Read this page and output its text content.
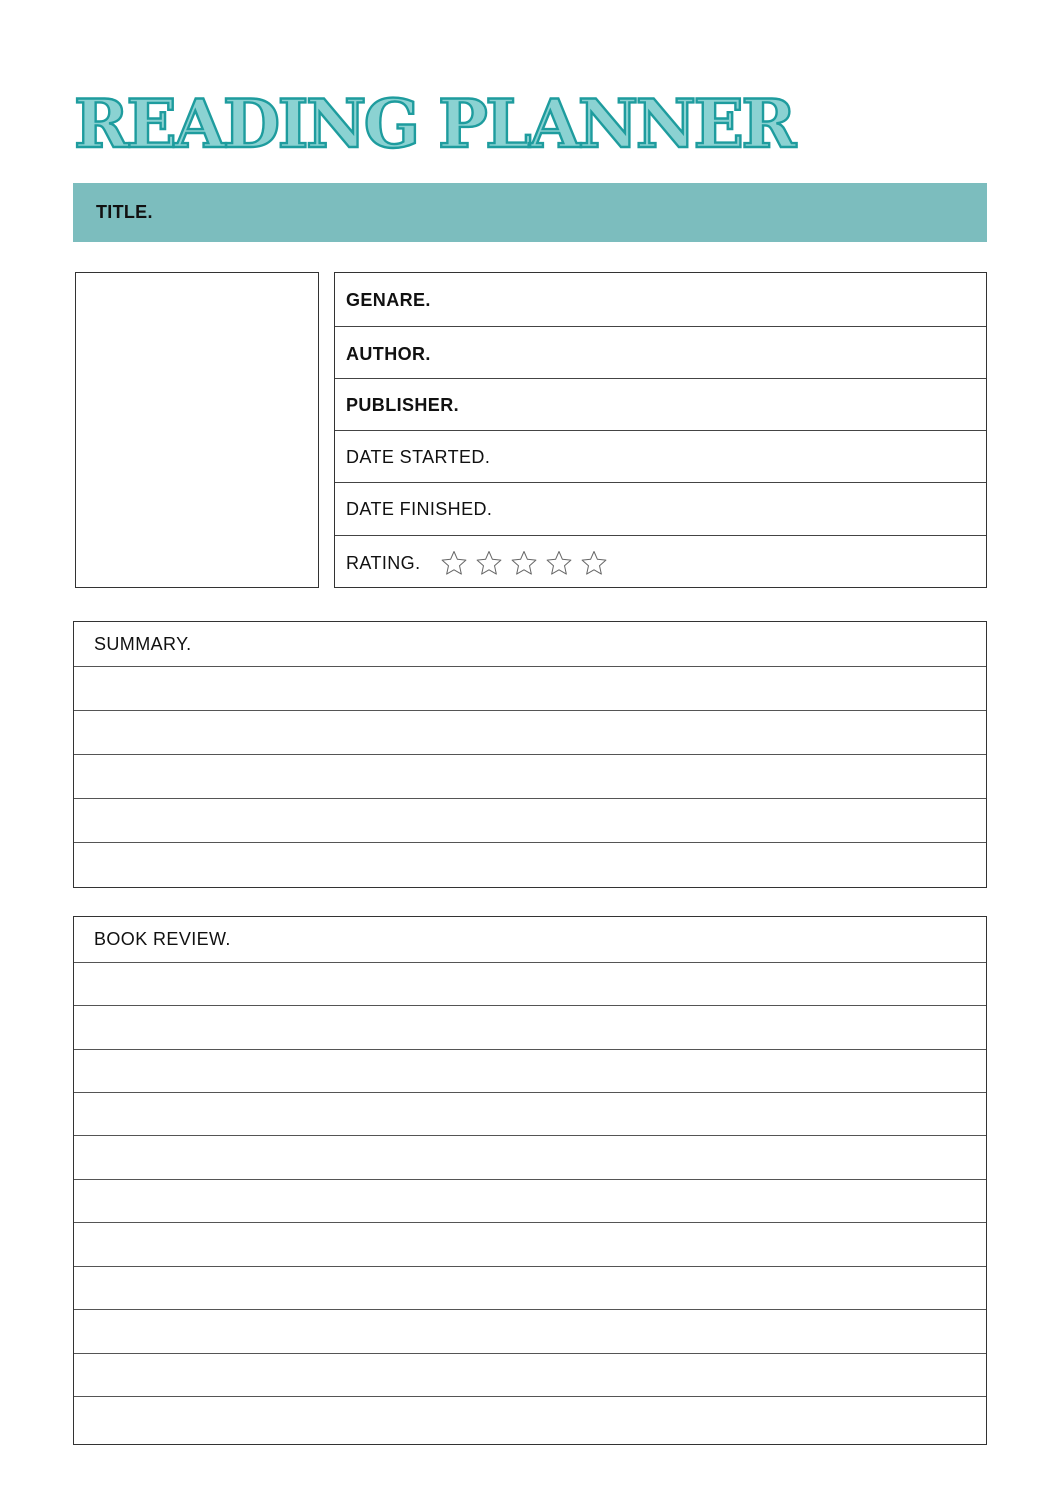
READING PLANNER
TITLE.
GENARE.
AUTHOR.
PUBLISHER.
DATE STARTED.
DATE FINISHED.
RATING.
SUMMARY.
BOOK REVIEW.
